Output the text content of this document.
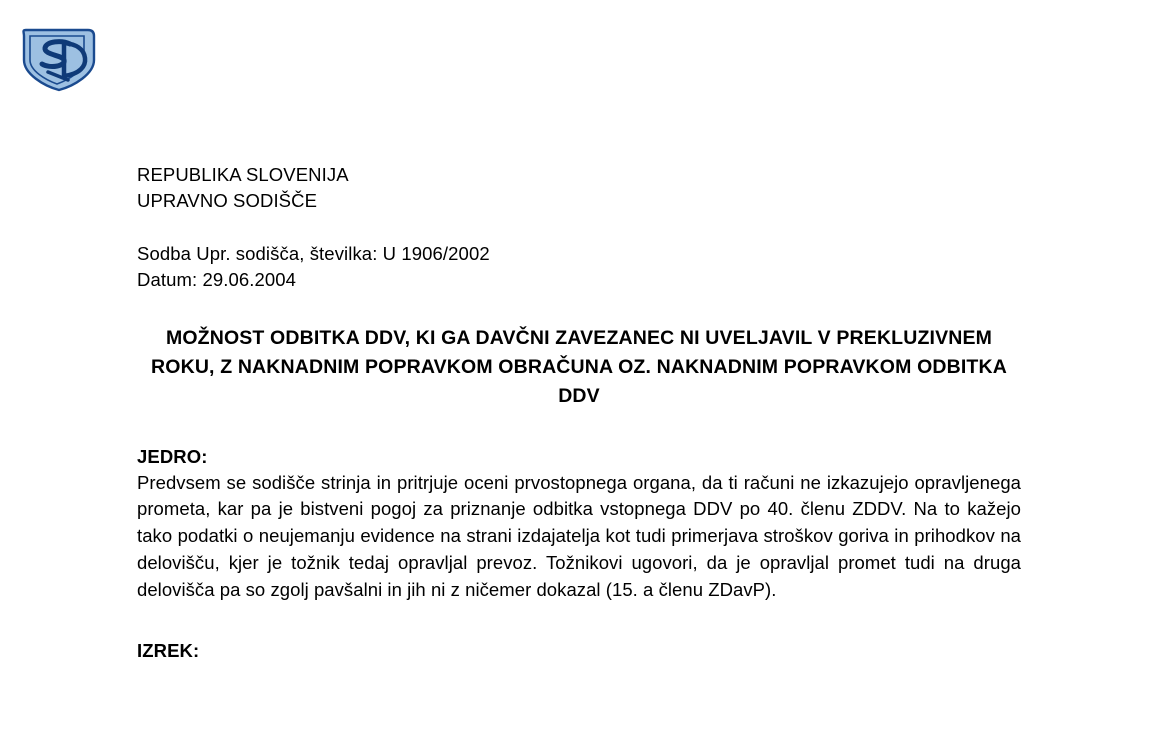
REPUBLIKA SLOVENIJA
UPRAVNO SODIŠČE
Sodba Upr. sodišča, številka: U 1906/2002
Datum: 29.06.2004
MOŽNOST ODBITKA DDV, KI GA DAVČNI ZAVEZANEC NI UVELJAVIL V PREKLUZIVNEM ROKU, Z NAKNADNIM POPRAVKOM OBRAČUNA OZ. NAKNADNIM POPRAVKOM ODBITKA DDV
JEDRO:
Predvsem se sodišče strinja in pritrjuje oceni prvostopnega organa, da ti računi ne izkazujejo opravljenega prometa, kar pa je bistveni pogoj za priznanje odbitka vstopnega DDV po 40. členu ZDDV. Na to kažejo tako podatki o neujemanju evidence na strani izdajatelja kot tudi primerjava stroškov goriva in prihodkov na delovišču, kjer je tožnik tedaj opravljal prevoz. Tožnikovi ugovori, da je opravljal promet tudi na druga delovišča pa so zgolj pavšalni in jih ni z ničemer dokazal (15. a členu ZDavP).
IZREK:
